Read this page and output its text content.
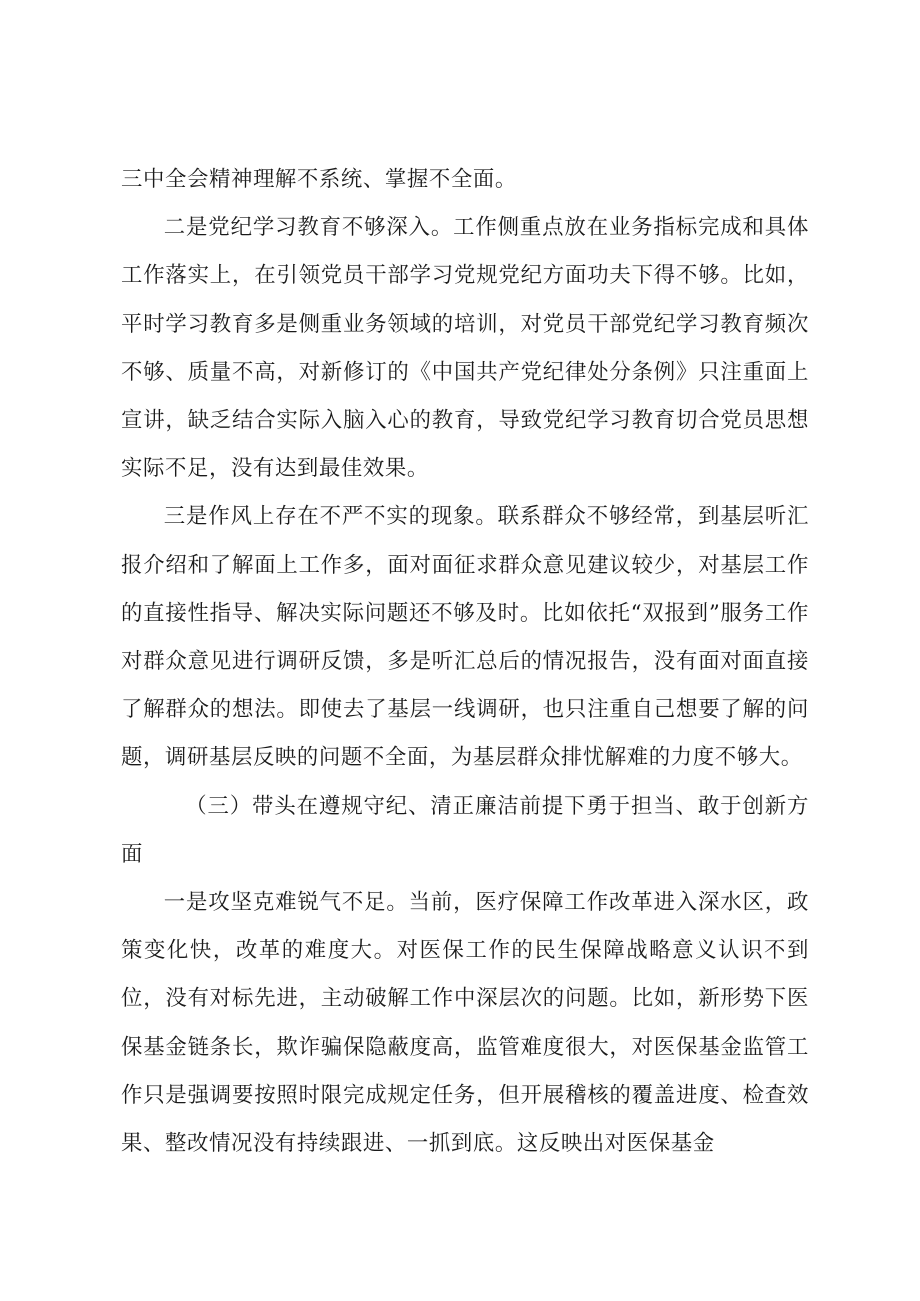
三中全会精神理解不系统、掌握不全面。

二是党纪学习教育不够深入。工作侧重点放在业务指标完成和具体工作落实上，在引领党员干部学习党规党纪方面功夫下得不够。比如，平时学习教育多是侧重业务领域的培训，对党员干部党纪学习教育频次不够、质量不高，对新修订的《中国共产党纪律处分条例》只注重面上宣讲，缺乏结合实际入脑入心的教育，导致党纪学习教育切合党员思想实际不足，没有达到最佳效果。

三是作风上存在不严不实的现象。联系群众不够经常，到基层听汇报介绍和了解面上工作多，面对面征求群众意见建议较少，对基层工作的直接性指导、解决实际问题还不够及时。比如依托“双报到”服务工作对群众意见进行调研反馈，多是听汇总后的情况报告，没有面对面直接了解群众的想法。即使去了基层一线调研，也只注重自己想要了解的问题，调研基层反映的问题不全面，为基层群众排忧解难的力度不够大。

（三）带头在遵规守纪、清正廉洁前提下勇于担当、敢于创新方面

一是攻坚克难锐气不足。当前，医疗保障工作改革进入深水区，政策变化快，改革的难度大。对医保工作的民生保障战略意义认识不到位，没有对标先进，主动破解工作中深层次的问题。比如，新形势下医保基金链条长，欺诈骗保隐蔽度高，监管难度很大，对医保基金监管工作只是强调要按照时限完成规定任务，但开展稽核的覆盖进度、检查效果、整改情况没有持续跟进、一抓到底。这反映出对医保基金
